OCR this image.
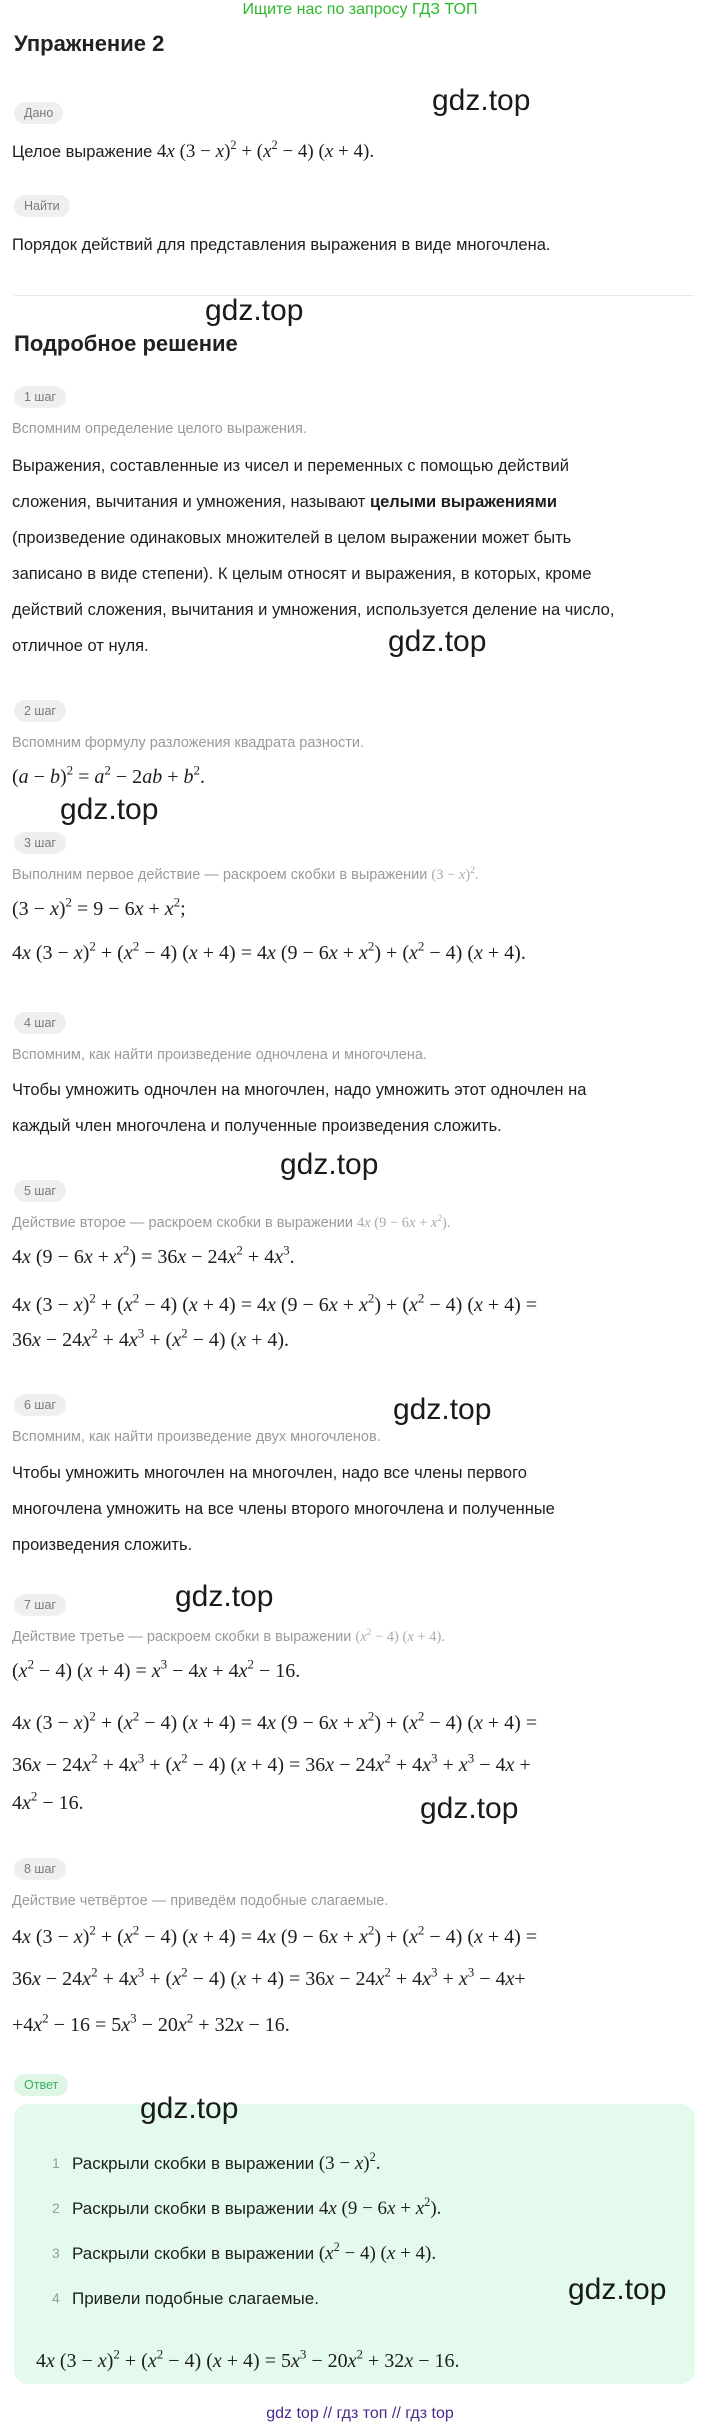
Ищите нас по запросу ГДЗ ТОП
Упражнение 2
Дано
Целое выражение 4x $(3 - x)^2 + (x^2 - 4)$ (x + 4).
Найти
Порядок действий для представления выражения в виде многочлена.
Подробное решение
1 шаг
Вспомним определение целого выражения.
Выражения, составленные из чисел и переменных с помощью действий
сложения, вычитания и умножения, называют целыми выражениями
(произведение одинаковых множителей в целом выражении может быть
записано в виде степени). К целым относят и выражения, в которых, кроме
действий сложения, вычитания и умножения, используется деление на число,
отличное от нуля.
2 шаг
Вспомним формулу разложения квадрата разности.
$(a - b)^2 = a^2 - 2ab + b^2$.
3 шаг
Выполним первое действие — раскроем скобки в выражении $(3 - x)^2$.
$(3 - x)^2 = 9 - 6x + x^2$;
4x $(3 - x)^2 + (x^2 - 4)$ (x + 4) = 4x $(9 - 6x + x^2) + (x^2 - 4)$ (x + 4).
4 шаг
Вспомним, как найти произведение одночлена и многочлена.
Чтобы умножить одночлен на многочлен, надо умножить этот одночлен на
каждый член многочлена и полученные произведения сложить.
5 шаг
Действие второе — раскроем скобки в выражении 4x $(9 - 6x + x^2)$.
4x $(9 - 6x + x^2) = 36x - 24x^2 + 4x^3$.
4x $(3 - x)^2 + (x^2 - 4)$ (x + 4) = 4x $(9 - 6x + x^2) + (x^2 - 4)$ (x + 4) =
$36x - 24x^2 + 4x^3 + (x^2 - 4) (x + 4)$.
6 шаг
Вспомним, как найти произведение двух многочленов.
Чтобы умножить многочлен на многочлен, надо все члены первого
многочлена умножить на все члены второго многочлена и полученные
произведения сложить.
7 шаг
Действие третье — раскроем скобки в выражении $(x^2 - 4) (x + 4)$.
$(x^2 - 4) (x + 4) = x^3 - 4x + 4x^2 - 16$.
4x $(3 - x)^2 + (x^2 - 4)$ (x + 4) = 4x $(9 - 6x + x^2) + (x^2 - 4)$ (x + 4) =
$36x - 24x^2 + 4x^3 + (x^2 - 4) (x + 4) = 36x - 24x^2 + 4x^3 + x^3 - 4x$ +
$4x^2 - 16$.
8 шаг
Действие четвёртое — приведём подобные слагаемые.
4x $(3 - x)^2 + (x^2 - 4)$ (x + 4) = 4x $(9 - 6x + x^2) + (x^2 - 4)$ (x + 4) =
$36x - 24x^2 + 4x^3 + (x^2 - 4) (x + 4) = 36x - 24x^2 + 4x^3 + x^3 - 4x+$
$+4x^2 - 16 = 5x^3 - 20x^2 + 32x - 16$.
Ответ
1 Раскрыли скобки в выражении $(3 - x)^2$.
2 Раскрыли скобки в выражении 4x $(9 - 6x + x^2)$.
3 Раскрыли скобки в выражении $(x^2 - 4) (x + 4)$.
4 Привели подобные слагаемые.
4x $(3 - x)^2 + (x^2 - 4)$ $(x + 4) = 5x^3 - 20x^2 + 32x - 16$.
gdz.top
gdz.top
gdz.top
gdz.top
gdz.top
gdz.top
gdz.top
gdz.top
gdz.top
gdz.top
gdz top // гдз топ // гдз top
